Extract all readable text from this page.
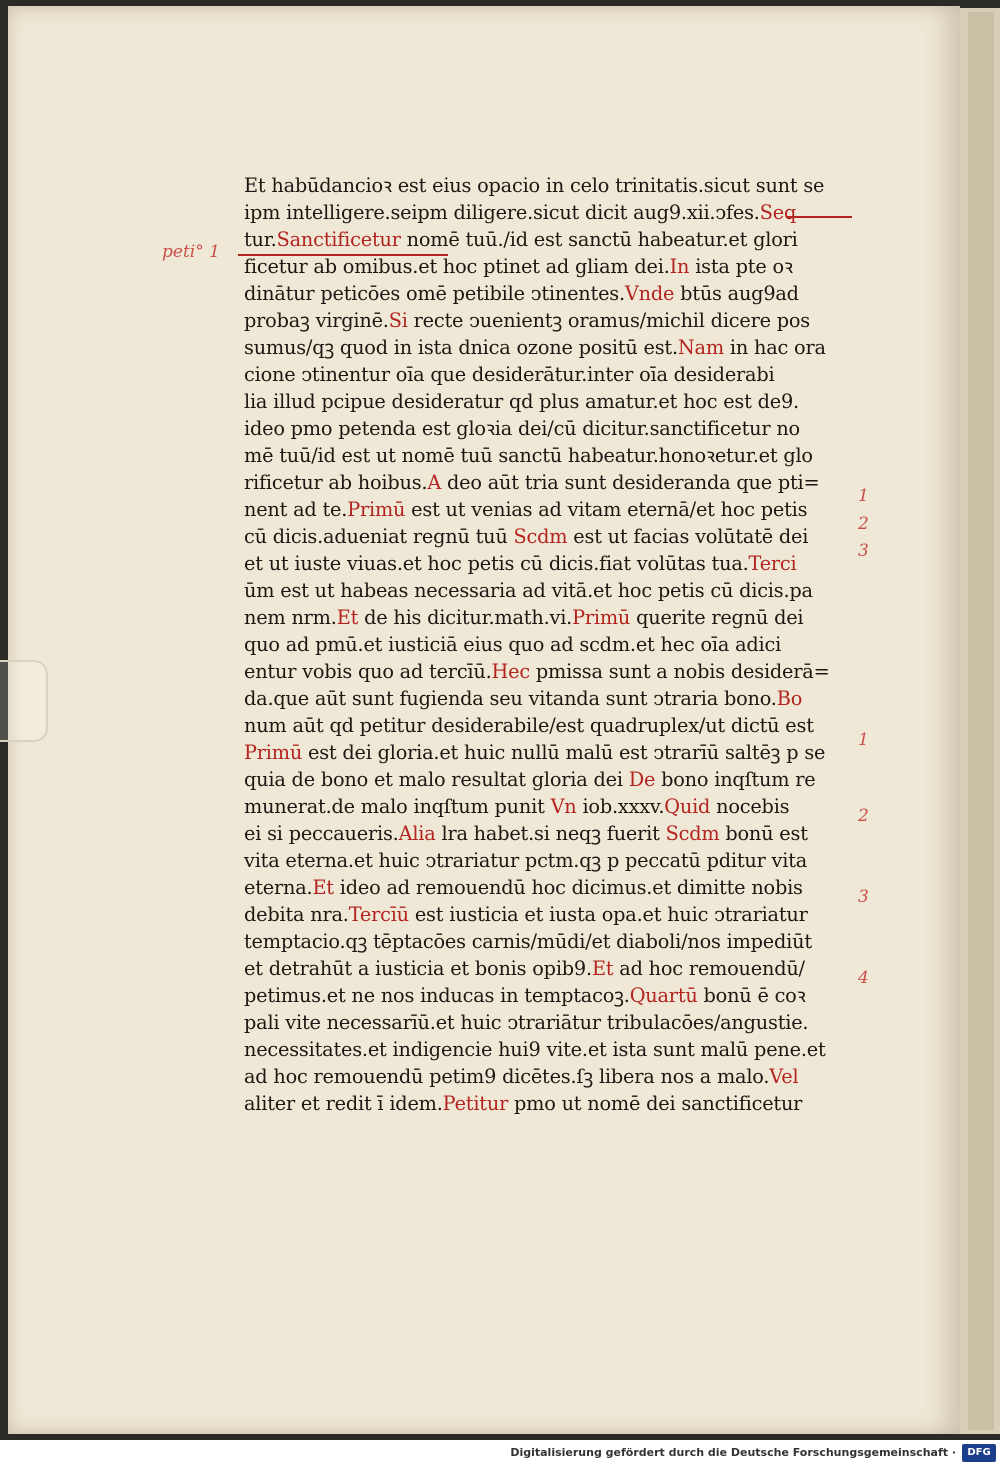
peti° 1
1
2
3
1
2
3
4
Et habūdancioꝛ est eius opacio in celo trinitatis.sicut sunt se
ipm intelligere.seipm diligere.sicut dicit aug9.xii.ↄfes.Seq
tur.Sanctificetur nomē tuū./id est sanctū habeatur.et glori
ficetur ab omibus.et hoc ptinet ad gliam dei.In ista pte oꝛ
dinātur peticōes omē petibile ↄtinentes.Vnde btūs aug9ad
probaꝫ virginē.Si recte ↄuenientꝫ oramus/michil dicere pos
sumus/qꝫ quod in ista dnica ozone positū est.Nam in hac ora
cione ↄtinentur oīa que desiderātur.inter oīa desiderabi
lia illud pcipue desideratur qd plus amatur.et hoc est de9.
ideo pmo petenda est gloꝛia dei/cū dicitur.sanctificetur no
mē tuū/id est ut nomē tuū sanctū habeatur.honoꝛetur.et glo
rificetur ab hoibus.A deo aūt tria sunt desideranda que pti=
nent ad te.Primū est ut venias ad vitam eternā/et hoc petis
cū dicis.adueniat regnū tuū Scdm est ut facias volūtatē dei
et ut iuste viuas.et hoc petis cū dicis.fiat volūtas tua.Terci
ūm est ut habeas necessaria ad vitā.et hoc petis cū dicis.pa
nem nrm.Et de his dicitur.math.vi.Primū querite regnū dei
quo ad pmū.et iusticiā eius quo ad scdm.et hec oīa adici
entur vobis quo ad tercīū.Hec pmissa sunt a nobis desiderā=
da.que aūt sunt fugienda seu vitanda sunt ↄtraria bono.Bo
num aūt qd petitur desiderabile/est quadruplex/ut dictū est
Primū est dei gloria.et huic nullū malū est ↄtrarīū saltēꝫ p se
quia de bono et malo resultat gloria dei De bono inqſtum re
munerat.de malo inqſtum punit Vn iob.xxxv.Quid nocebis
ei si peccaueris.Alia lra habet.si neqꝫ fuerit Scdm bonū est
vita eterna.et huic ↄtrariatur pctm.qꝫ p peccatū pditur vita
eterna.Et ideo ad remouendū hoc dicimus.et dimitte nobis
debita nra.Tercīū est iusticia et iusta opa.et huic ↄtrariatur
temptacio.qꝫ tēptacōes carnis/mūdi/et diaboli/nos impediūt
et detrahūt a iusticia et bonis opib9.Et ad hoc remouendū/
petimus.et ne nos inducas in temptacoꝫ.Quartū bonū ē coꝛ
pali vite necessarīū.et huic ↄtrariātur tribulacōes/angustie.
necessitates.et indigencie hui9 vite.et ista sunt malū pene.et
ad hoc remouendū petim9 dicētes.ſꝫ libera nos a malo.Vel
aliter et redit ī idem.Petitur pmo ut nomē dei sanctificetur
Digitalisierung gefördert durch die Deutsche Forschungsgemeinschaft ·	DFG
